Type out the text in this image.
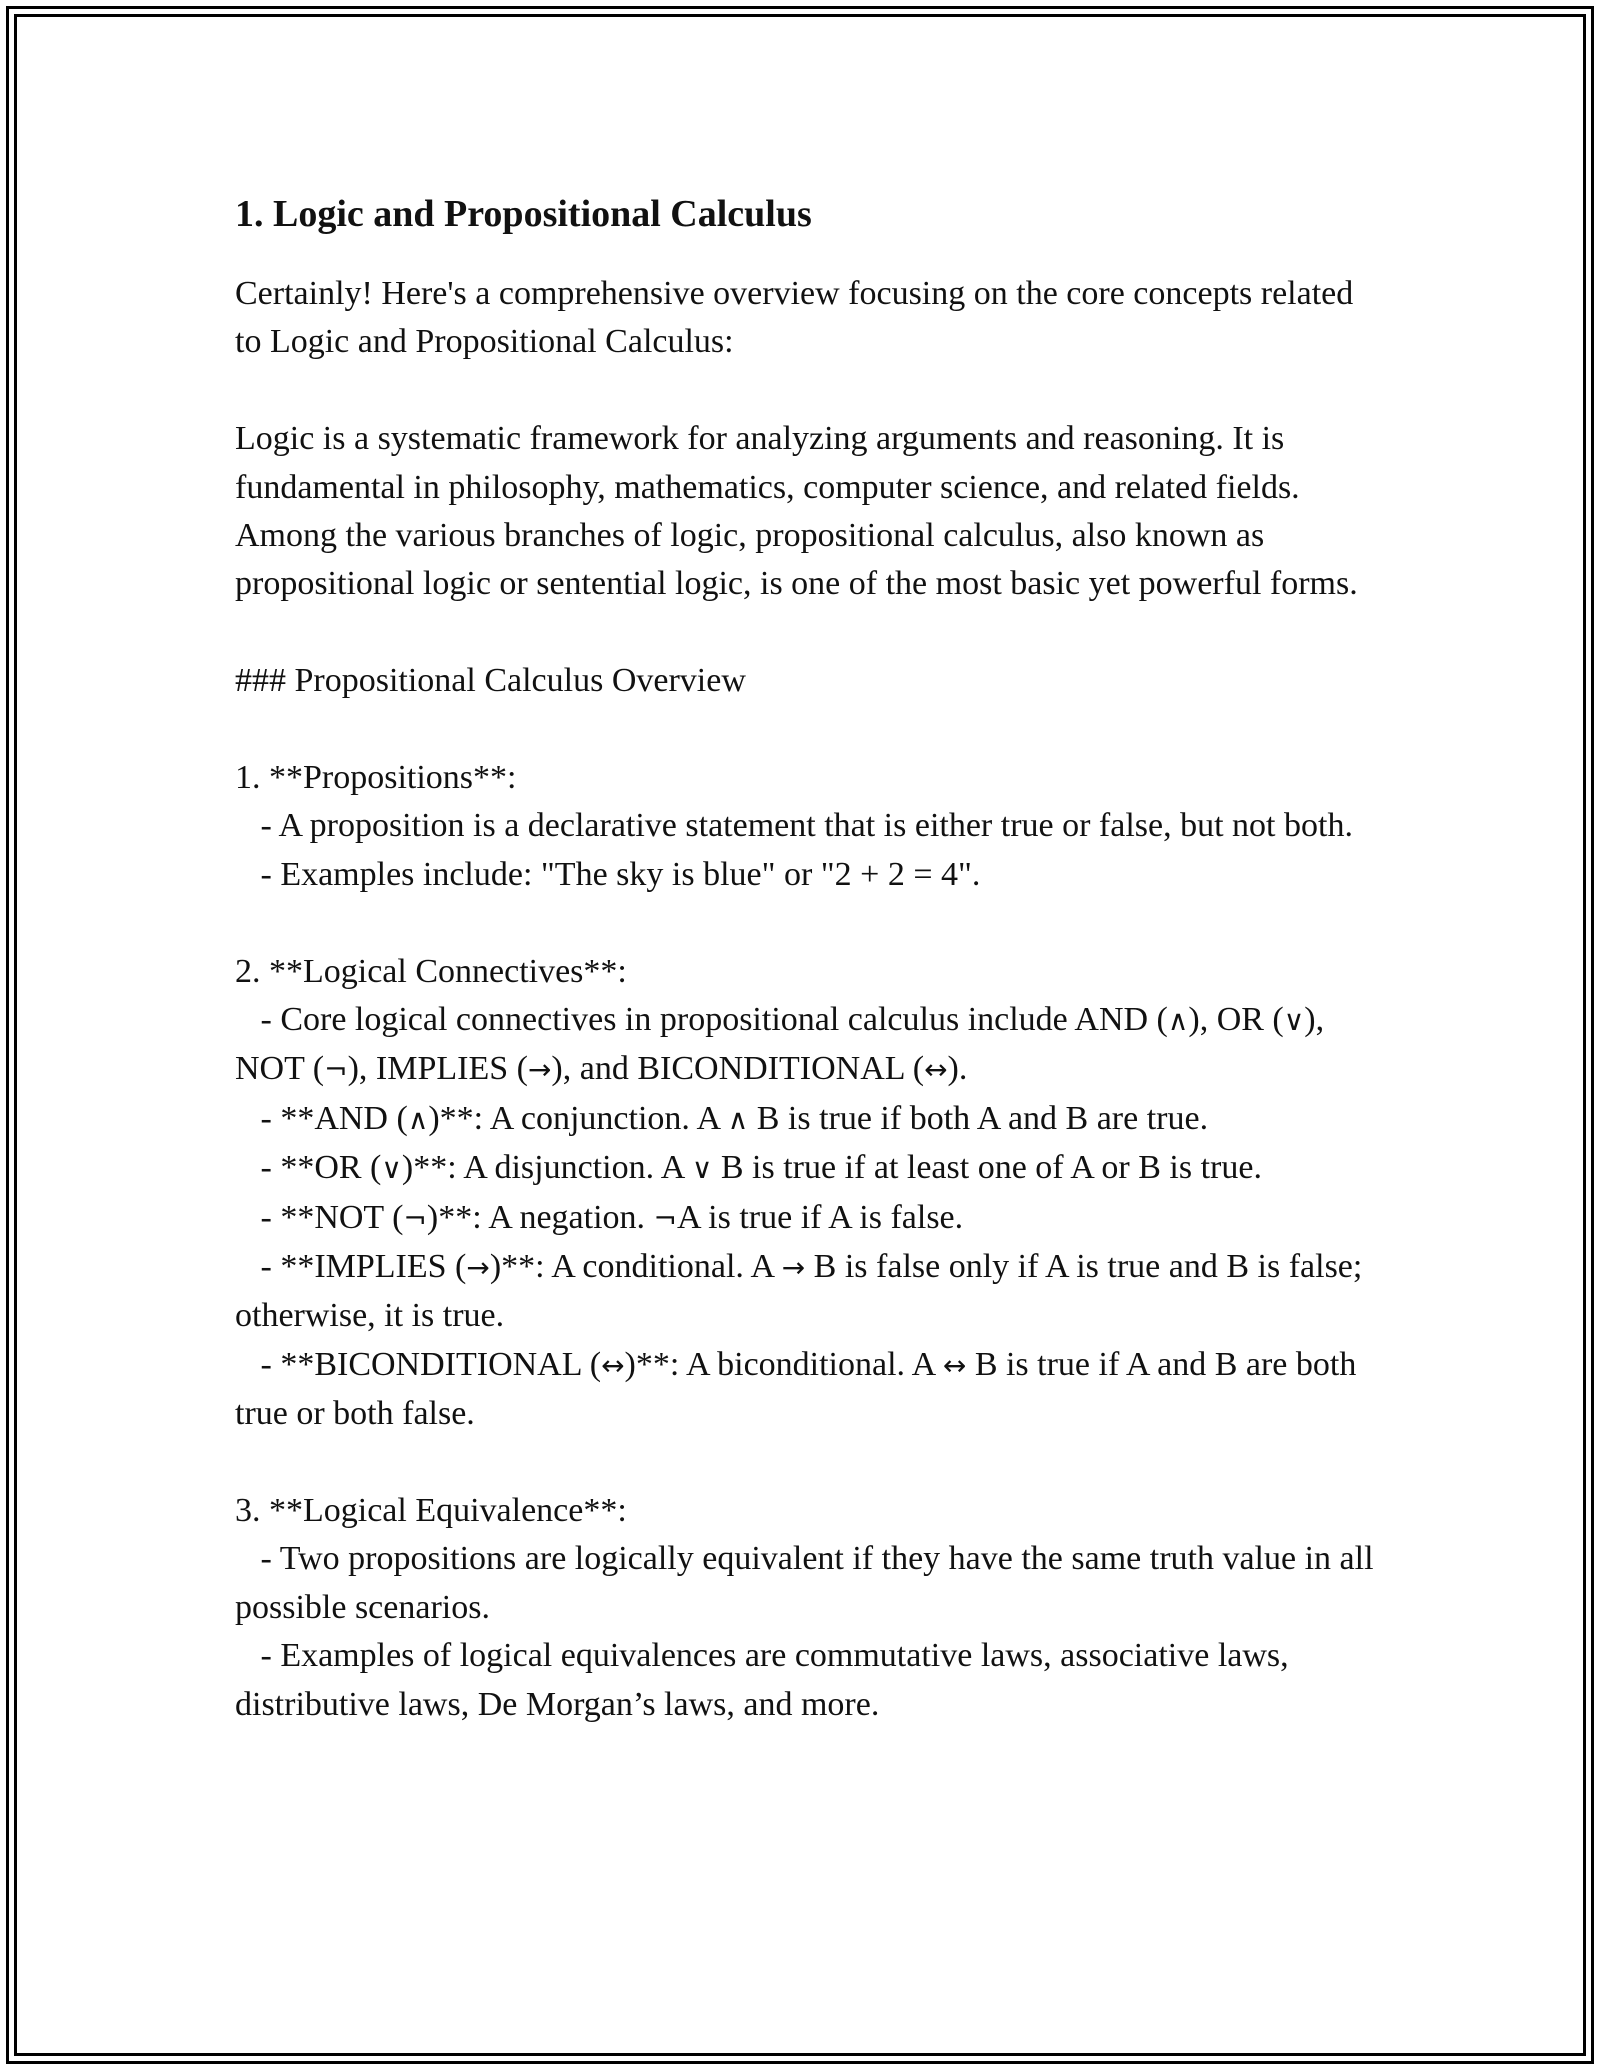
1. Logic and Propositional Calculus

Certainly! Here's a comprehensive overview focusing on the core concepts related to Logic and Propositional Calculus:

Logic is a systematic framework for analyzing arguments and reasoning. It is fundamental in philosophy, mathematics, computer science, and related fields. Among the various branches of logic, propositional calculus, also known as propositional logic or sentential logic, is one of the most basic yet powerful forms.

### Propositional Calculus Overview

1. **Propositions**:

- A proposition is a declarative statement that is either true or false, but not both.

- Examples include: "The sky is blue" or "2 + 2 = 4".

2. **Logical Connectives**:

- Core logical connectives in propositional calculus include AND (∧), OR (∨), NOT (¬), IMPLIES (→), and BICONDITIONAL (↔).

- **AND (∧)**: A conjunction. A ∧ B is true if both A and B are true.

- **OR (∨)**: A disjunction. A ∨ B is true if at least one of A or B is true.

- **NOT (¬)**: A negation. ¬A is true if A is false.

- **IMPLIES (→)**: A conditional. A → B is false only if A is true and B is false; otherwise, it is true.

- **BICONDITIONAL (↔)**: A biconditional. A ↔ B is true if A and B are both true or both false.

3. **Logical Equivalence**:

- Two propositions are logically equivalent if they have the same truth value in all possible scenarios.

- Examples of logical equivalences are commutative laws, associative laws, distributive laws, De Morgan’s laws, and more.
